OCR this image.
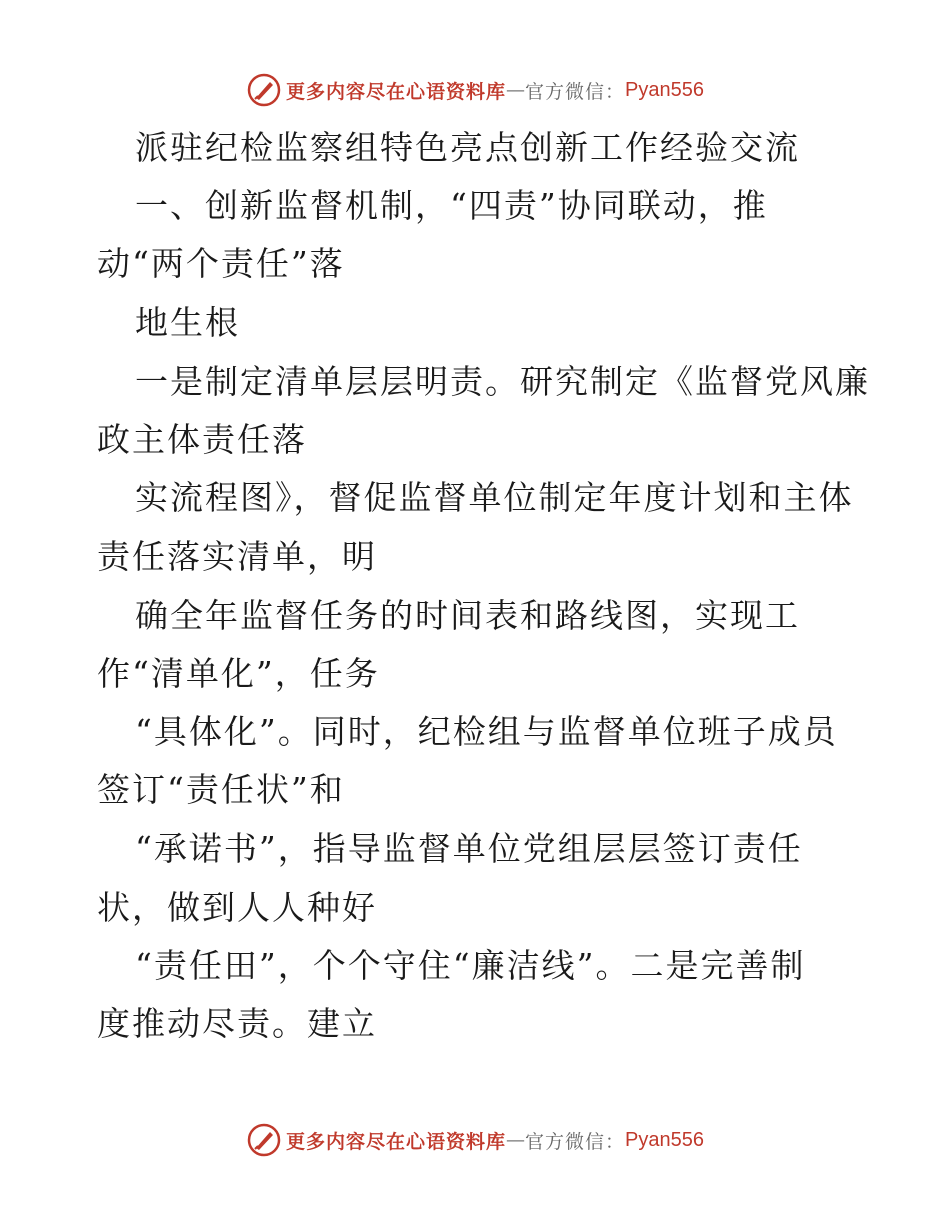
更多内容尽在心语资料库 — 官方微信： Pyan556
派驻纪检监察组特色亮点创新工作经验交流
一、创新监督机制，“四责”协同联动，推
动“两个责任”落
地生根
一是制定清单层层明责。研究制定《监督党风廉
政主体责任落
实流程图》，督促监督单位制定年度计划和主体
责任落实清单，明
确全年监督任务的时间表和路线图，实现工
作“清单化”，任务
“具体化”。同时，纪检组与监督单位班子成员
签订“责任状”和
“承诺书”，指导监督单位党组层层签订责任
状，做到人人种好
“责任田”，个个守住“廉洁线”。二是完善制
度推动尽责。建立
更多内容尽在心语资料库 — 官方微信： Pyan556
